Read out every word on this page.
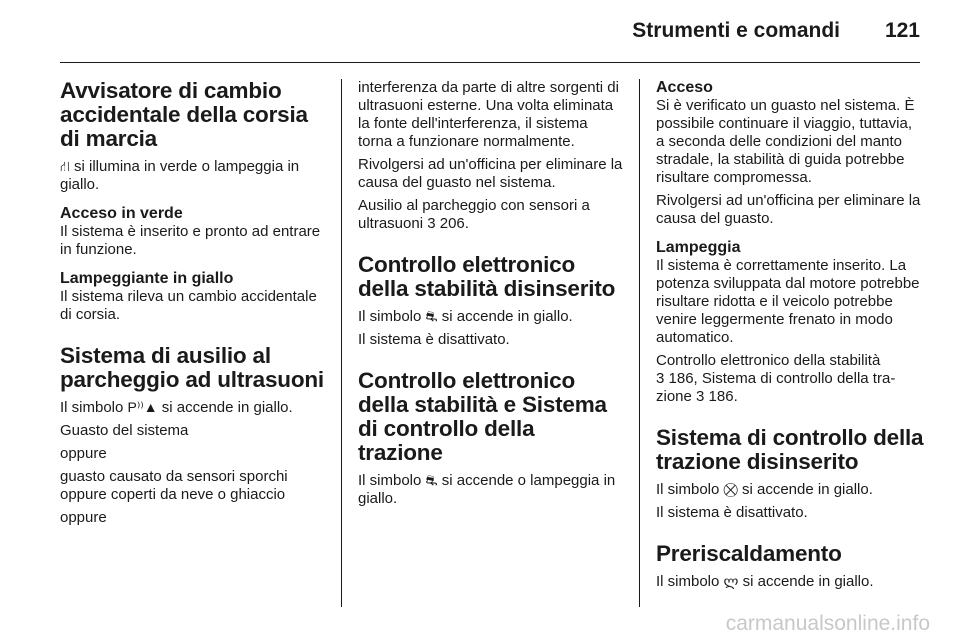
Strumenti e comandi 121
Avvisatore di cambio accidentale della corsia di marcia
⛙ si illumina in verde o lampeggia in giallo.
Acceso in verde
Il sistema è inserito e pronto ad entrare in funzione.
Lampeggiante in giallo
Il sistema rileva un cambio accidentale di corsia.
Sistema di ausilio al parcheggio ad ultrasuoni
Il simbolo P⁾⁾▲ si accende in giallo.
Guasto del sistema
oppure
guasto causato da sensori sporchi oppure coperti da neve o ghiaccio
oppure
interferenza da parte di altre sorgenti di ultrasuoni esterne. Una volta eliminata la fonte dell'interferenza, il sistema torna a funzionare normalmente.
Rivolgersi ad un'officina per eliminare la causa del guasto nel sistema.
Ausilio al parcheggio con sensori a ultrasuoni 3 206.
Controllo elettronico della stabilità disinserito
Il simbolo ⛐ si accende in giallo.
Il sistema è disattivato.
Controllo elettronico della stabilità e Sistema di controllo della trazione
Il simbolo ⛐ si accende o lampeggia in giallo.
Acceso
Si è verificato un guasto nel sistema. È possibile continuare il viaggio, tuttavia, a seconda delle condizioni del manto stradale, la stabilità di guida potrebbe risultare compromessa.
Rivolgersi ad un'officina per eliminare la causa del guasto.
Lampeggia
Il sistema è correttamente inserito. La potenza sviluppata dal motore potrebbe risultare ridotta e il veicolo potrebbe venire leggermente frenato in modo automatico.
Controllo elettronico della stabilità
3 186, Sistema di controllo della trazione 3 186.
Sistema di controllo della trazione disinserito
Il simbolo ⛒ si accende in giallo.
Il sistema è disattivato.
Preriscaldamento
Il simbolo ლ si accende in giallo.
carmanualsonline.info
